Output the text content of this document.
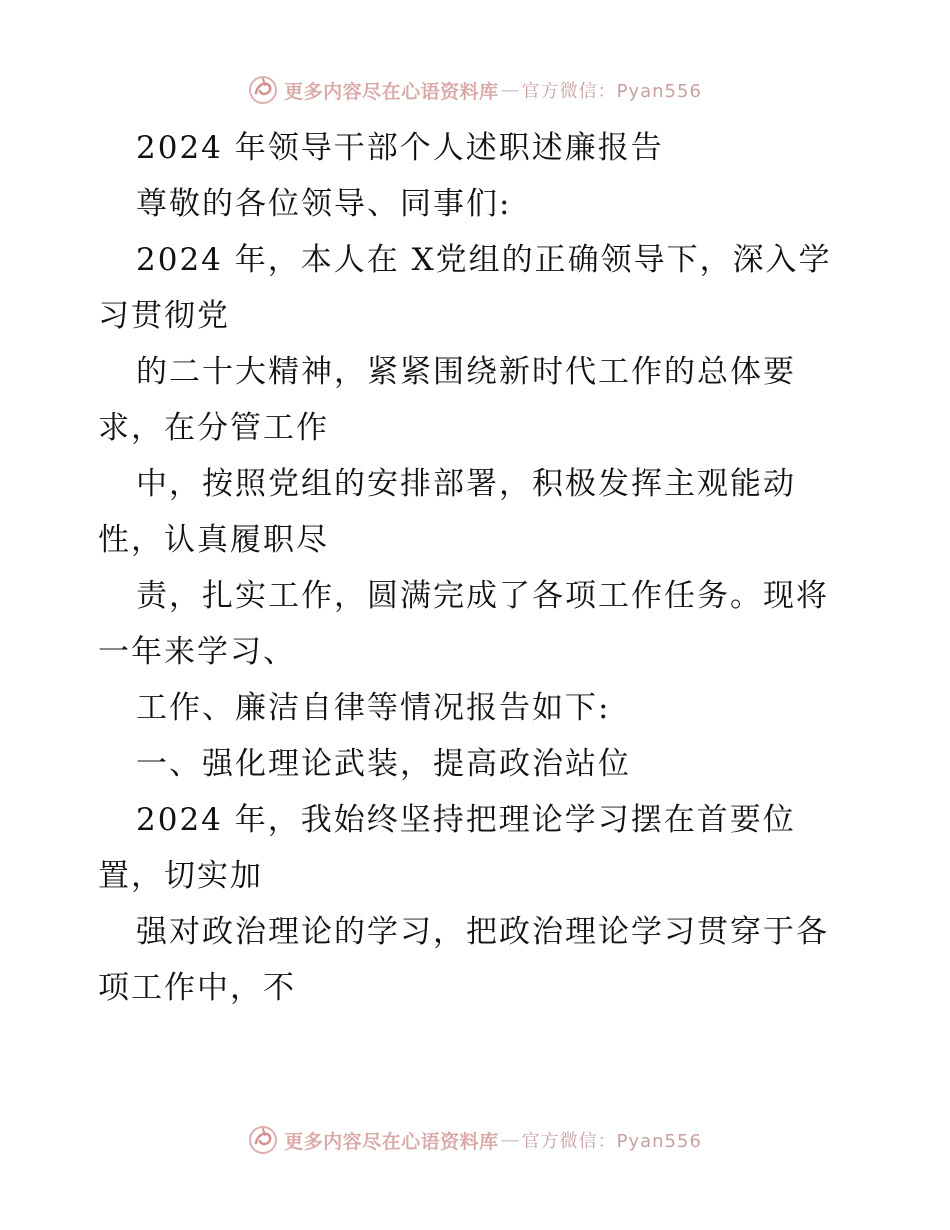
更多内容尽在心语资料库 — 官方微信：Pyan556
2024 年领导干部个人述职述廉报告
尊敬的各位领导、同事们:
2024 年，本人在 X党组的正确领导下，深入学
习贯彻党
的二十大精神，紧紧围绕新时代工作的总体要
求，在分管工作
中，按照党组的安排部署，积极发挥主观能动
性，认真履职尽
责，扎实工作，圆满完成了各项工作任务。现将
一年来学习、
工作、廉洁自律等情况报告如下:
一、强化理论武装，提高政治站位
2024 年，我始终坚持把理论学习摆在首要位
置，切实加
强对政治理论的学习，把政治理论学习贯穿于各
项工作中，不
更多内容尽在心语资料库 — 官方微信：Pyan556
